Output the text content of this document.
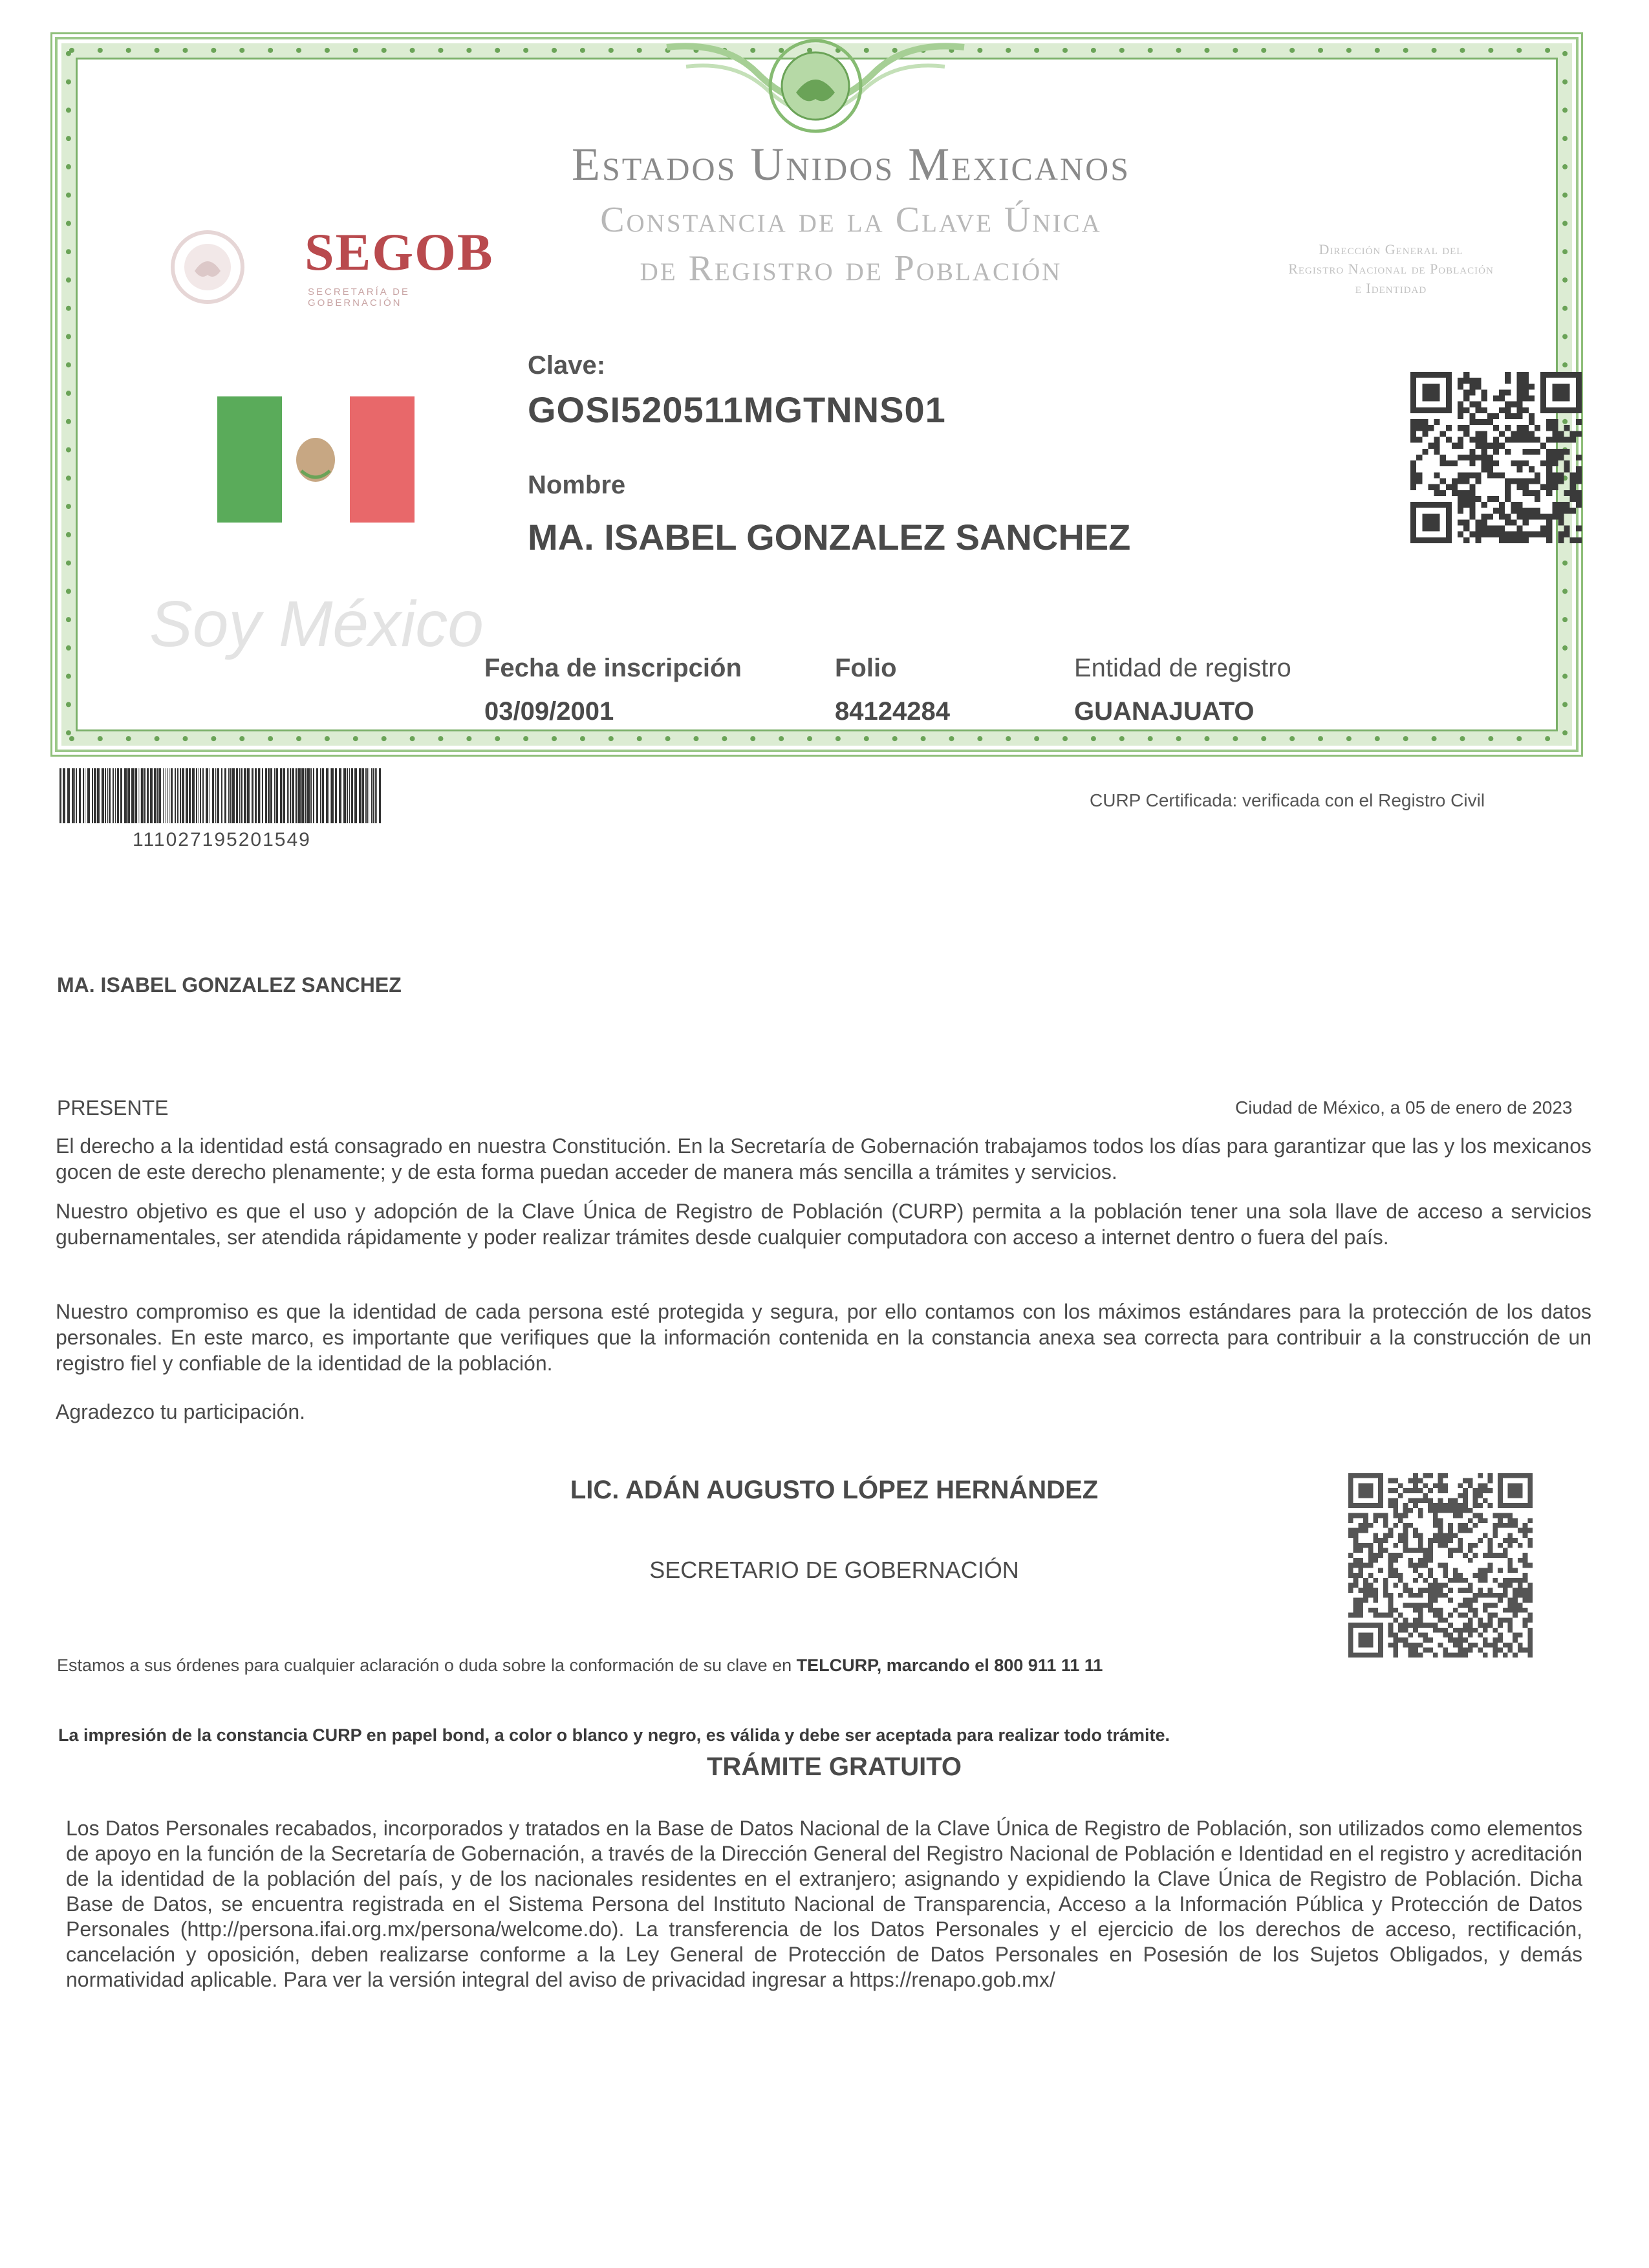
Estados Unidos Mexicanos
Constancia de la Clave Única
de Registro de Población
SEGOB
SECRETARÍA DE GOBERNACIÓN
Dirección General del
Registro Nacional de Población
e Identidad
Soy México
Clave:
GOSI520511MGTNNS01
Nombre
MA. ISABEL GONZALEZ SANCHEZ
Fecha de inscripción
03/09/2001
Folio
84124284
Entidad de registro
GUANAJUATO
111027195201549
CURP Certificada: verificada con el Registro Civil
MA. ISABEL GONZALEZ SANCHEZ
PRESENTE	Ciudad de México, a 05 de enero de 2023
El derecho a la identidad está consagrado en nuestra Constitución. En la Secretaría de Gobernación trabajamos todos los días para garantizar que las y los mexicanos gocen de este derecho plenamente; y de esta forma puedan acceder de manera más sencilla a trámites y servicios.
Nuestro objetivo es que el uso y adopción de la Clave Única de Registro de Población (CURP) permita a la población tener una sola llave de acceso a servicios gubernamentales, ser atendida rápidamente y poder realizar trámites desde cualquier computadora con acceso a internet dentro o fuera del país.
Nuestro compromiso es que la identidad de cada persona esté protegida y segura, por ello contamos con los máximos estándares para la protección de los datos personales. En este marco, es importante que verifiques que la información contenida en la constancia anexa sea correcta para contribuir a la construcción de un registro fiel y confiable de la identidad de la población.
Agradezco tu participación.
LIC. ADÁN AUGUSTO LÓPEZ HERNÁNDEZ
SECRETARIO DE GOBERNACIÓN
Estamos a sus órdenes para cualquier aclaración o duda sobre la conformación de su clave en TELCURP, marcando el 800 911 11 11
La impresión de la constancia CURP en papel bond, a color o blanco y negro, es válida y debe ser aceptada para realizar todo trámite.
TRÁMITE GRATUITO
Los Datos Personales recabados, incorporados y tratados en la Base de Datos Nacional de la Clave Única de Registro de Población, son utilizados como elementos de apoyo en la función de la Secretaría de Gobernación, a través de la Dirección General del Registro Nacional de Población e Identidad en el registro y acreditación de la identidad de la población del país, y de los nacionales residentes en el extranjero; asignando y expidiendo la Clave Única de Registro de Población. Dicha Base de Datos, se encuentra registrada en el Sistema Persona del Instituto Nacional de Transparencia, Acceso a la Información Pública y Protección de Datos Personales (http://persona.ifai.org.mx/persona/welcome.do). La transferencia de los Datos Personales y el ejercicio de los derechos de acceso, rectificación, cancelación y oposición, deben realizarse conforme a la Ley General de Protección de Datos Personales en Posesión de los Sujetos Obligados, y demás normatividad aplicable. Para ver la versión integral del aviso de privacidad ingresar a https://renapo.gob.mx/
